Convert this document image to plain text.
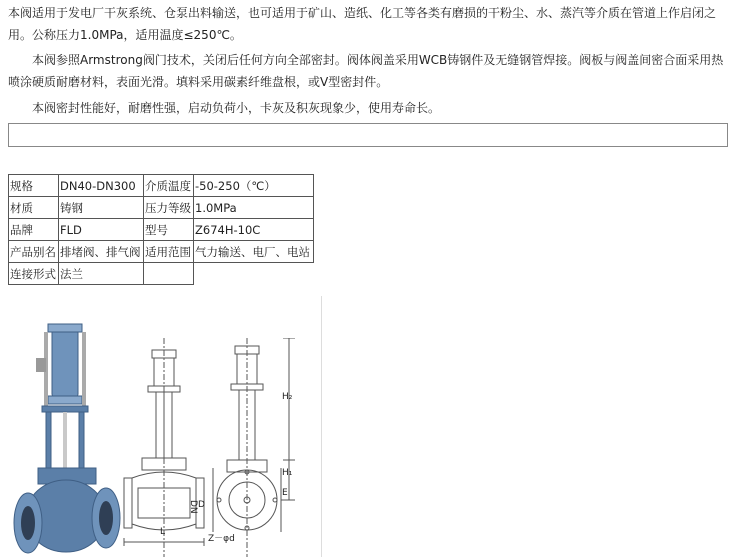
本阀适用于发电厂干灰系统、仓泵出料输送，也可适用于矿山、造纸、化工等各类有磨损的干粉尘、水、蒸汽等介质在管道上作启闭之用。公称压力1.0MPa，适用温度≤250℃。
本阀参照Armstrong阀门技术，关闭后任何方向全部密封。阀体阀盖采用WCB铸钢件及无缝钢管焊接。阀板与阀盖间密合面采用热喷涂硬质耐磨材料，表面光滑。填料采用碳素纤维盘根，或V型密封件。
本阀密封性能好，耐磨性强，启动负荷小，卡灰及积灰现象少，使用寿命长。
规格	DN40-DN300	介质温度	-50-250（℃）
材质	铸钢	压力等级	1.0MPa
品牌	FLD	型号	Z674H-10C
产品别名	排堵阀、排气阀	适用范围	气力输送、电厂、电站
连接形式	法兰		
L
H₂
H₁
E
DN D
Z－φd
